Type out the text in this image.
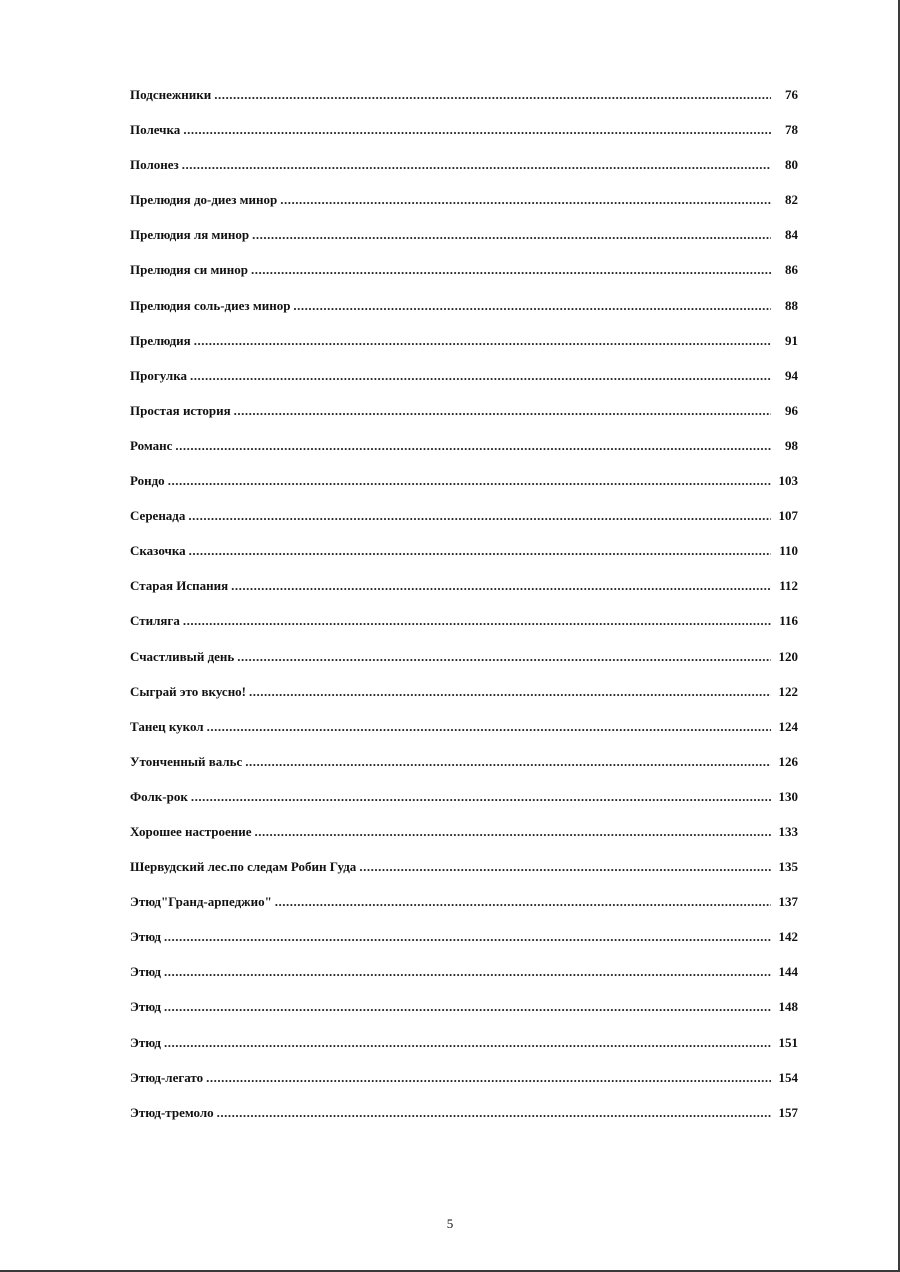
Подснежники .....	76
Полечка .....	78
Полонез .....	80
Прелюдия до-диез минор .....	82
Прелюдия ля минор .....	84
Прелюдия си минор .....	86
Прелюдия соль-диез минор .....	88
Прелюдия .....	91
Прогулка .....	94
Простая история .....	96
Романс .....	98
Рондо .....	103
Серенада .....	107
Сказочка .....	110
Старая Испания .....	112
Стиляга .....	116
Счастливый день .....	120
Сыграй это вкусно! .....	122
Танец кукол .....	124
Утонченный вальс .....	126
Фолк-рок .....	130
Хорошее настроение .....	133
Шервудский лес.по следам Робин Гуда .....	135
Этюд"Гранд-арпеджио" .....	137
Этюд .....	142
Этюд .....	144
Этюд .....	148
Этюд .....	151
Этюд-легато .....	154
Этюд-тремоло .....	157
5
